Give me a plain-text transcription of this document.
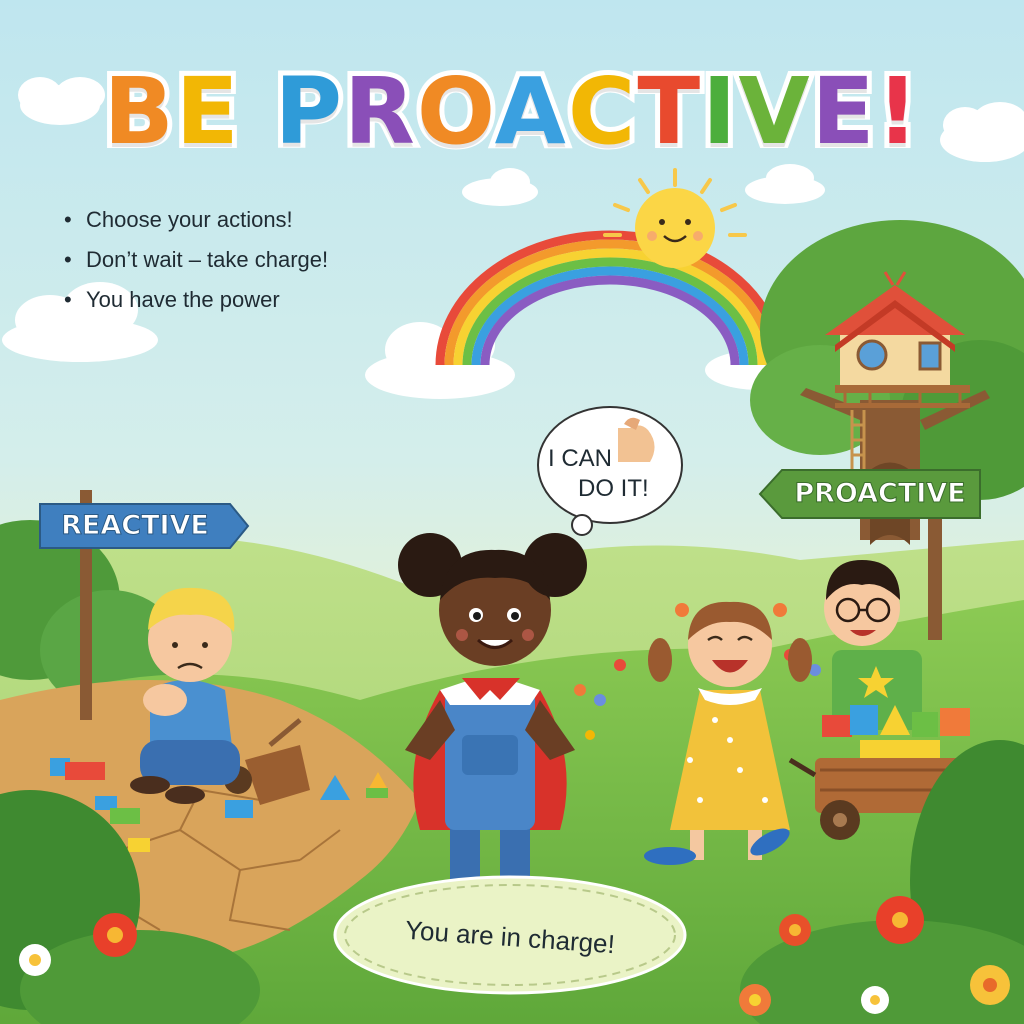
BE PROACTIVE!
• Choose your actions!
• Don’t wait – take charge!
• You have the power
REACTIVE
PROACTIVE
I CAN
DO IT!
You are in charge!
